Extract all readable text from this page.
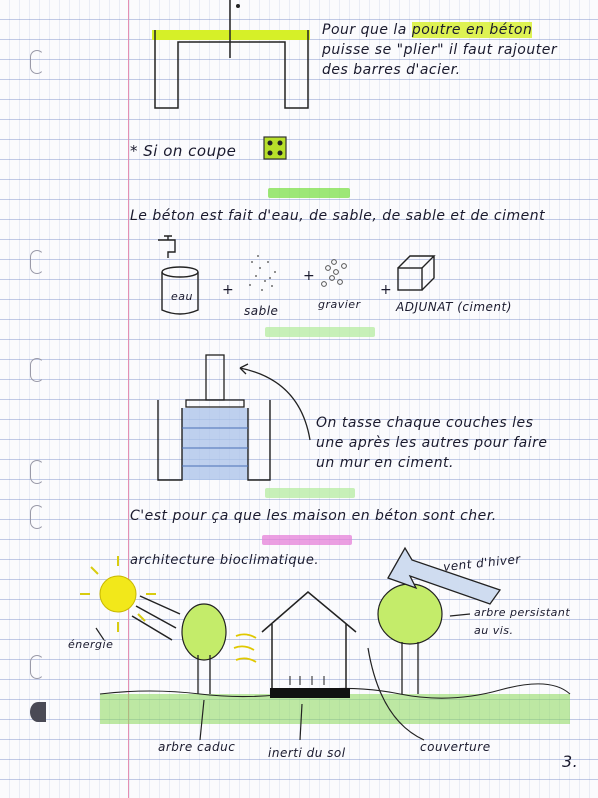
Pour que la poutre en béton
puisse se "plier" il faut rajouter
des barres d'acier.
* Si on coupe
Le béton est fait d'eau, de sable, de sable et de ciment
eau +
sable
+
gravier
+
ADJUNAT (ciment)
On tasse chaque couches les
une après les autres pour faire
un mur en ciment.
C'est pour ça que les maison en béton sont cher.
architecture bioclimatique.	vent d'hiver
arbre persistant
au vis.
énergie
arbre caduc	inerti du sol	couverture
3.
